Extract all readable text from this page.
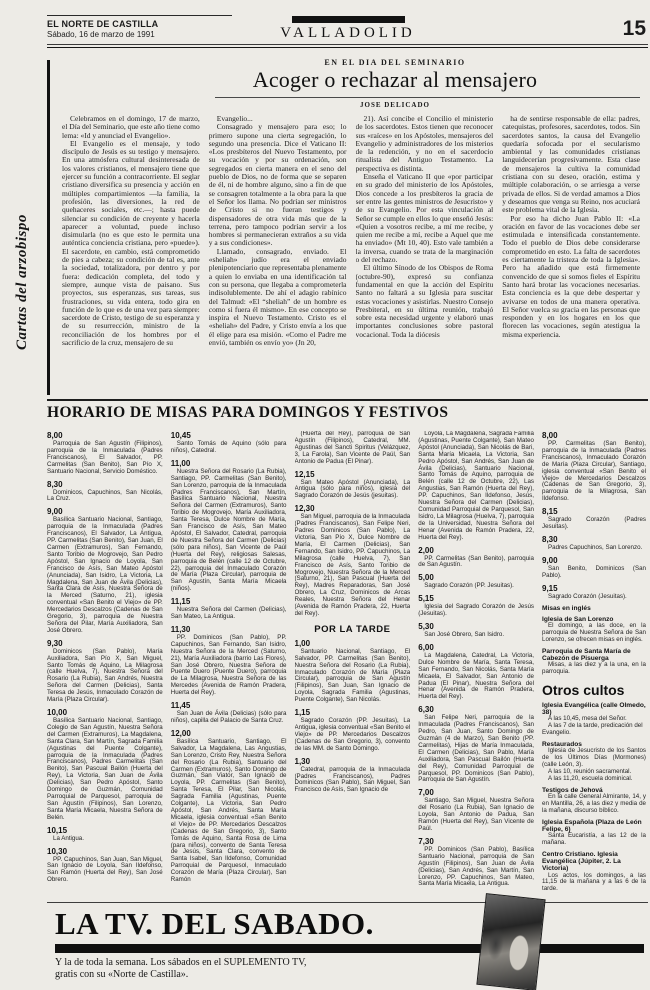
EL NORTE DE CASTILLA
Sábado, 16 de marzo de 1991	VALLADOLID	15
EN EL DIA DEL SEMINARIO
Acoger o rechazar al mensajero
JOSE DELICADO
Cartas del arzobispo

Celebramos en el domingo, 17 de marzo, el Día del Seminario, que este año tiene como lema: «Id y anunciad el Evangelio».

El Evangelio es el mensaje, y todo discípulo de Jesús es su testigo y mensajero. En una atmósfera cultural desinteresada de los valores cristianos, el mensajero tiene que ejercer su función a contracorriente. El seglar cristiano diversifica su presencia y acción en múltiples compartimientos —la familia, la profesión, las diversiones, la red de quehaceres sociales, etc.—; hasta puede silenciar su condición de creyente y hacerla aparecer a voluntad, puede incluso disimularla (no es que esto le permita una auténtica conciencia cristiana, pero «puede»). El sacerdote, en cambio, está comprometido de pies a cabeza; su condición de tal es, ante la sociedad, totalizadora, por dentro y por fuera: dedicación completa, del todo y siempre, aunque vista de paisano. Sus proyectos, sus esperanzas, sus tareas, sus frustraciones, su vida entera, todo gira en función de lo que es de una vez para siempre: sacerdote de Cristo, testigo de su esperanza y de su resurrección, ministro de la reconciliación de los hombres por el sacrificio de la cruz, mensajero de su

Evangelio...

Consagrado y mensajero para eso; lo primero supone una cierta segregación, lo segundo una presencia. Dice el Vaticano II: «Los presbíteros del Nuevo Testamento, por su vocación y por su ordenación, son segregados en cierta manera en el seno del pueblo de Dios, no de forma que se separen de él, ni de hombre alguno, sino a fin de que se consagren totalmente a la obra para la que el Señor los llama. No podrían ser ministros de Cristo si no fueran testigos y dispensadores de otra vida más que de la terrena, pero tampoco podrían servir a los hombres si permanecieran extraños a su vida y a sus condiciones».

Llamado, consagrado, enviado. El «sheliah» judío era el enviado plenipotenciario que representaba plenamente a quien lo enviaba en una identificación tal con su persona, que llegaba a comprometerla indisolublemente. De ahí el adagio rabínico del Talmud: «El “sheliah” de un hombre es como si fuera él mismo». En ese concepto se inspira el Nuevo Testamento. Cristo es el «sheliah» del Padre, y Cristo envía a los que él elige para esa misión. «Como el Padre me envió, también os envío yo» (Jn 20,

21). Así concibe el Concilio el ministerio de los sacerdotes. Estos tienen que reconocer sus «raíces» en los Apóstoles, mensajeros del Evangelio y administradores de los misterios de la redención, y no en el sacerdocio ritualista del Antiguo Testamento. La perspectiva es distinta.

Enseña el Vaticano II que «por participar en su grado del ministerio de los Apóstoles, Dios concede a los presbíteros la gracia de ser entre las gentes ministros de Jesucristo» y de su Evangelio. Por esta vinculación al Señor se cumple en ellos lo que enseñó Jesús: «Quien a vosotros recibe, a mí me recibe, y quien me recibe a mí, recibe a Aquel que me ha enviado» (Mt 10, 40). Esto vale también a la inversa, cuando se trata de la marginación o del rechazo.

El último Sínodo de los Obispos de Roma (octubre-90), expresó su confianza fundamental en que la acción del Espíritu Santo no faltará a su Iglesia para suscitar estas vocaciones y asistirlas. Nuestro Consejo Presbiteral, en su última reunión, trabajó sobre esta necesidad urgente y elaboró unas importantes conclusiones sobre pastoral vocacional. Toda la diócesis

ha de sentirse responsable de ella: padres, catequistas, profesores, sacerdotes, todos. Sin sacerdotes santos, la causa del Evangelio quedaría sofocada por el secularismo ambiental y las comunidades cristianas languidecerían progresivamente. Esta clase de mensajeros la cultiva la comunidad cristiana con su deseo, oración, estima y múltiple colaboración, o se arriesga a verse privada de ellos. Si de verdad amamos a Dios y deseamos que venga su Reino, nos acuciará este problema vital de la Iglesia.

Por eso ha dicho Juan Pablo II: «La oración en favor de las vocaciones debe ser estimulada e intensificada constantemente. Todo el pueblo de Dios debe considerarse comprometido en esto. La falta de sacerdotes es ciertamente la tristeza de toda la Iglesia». Pero ha añadido que está firmemente convencido de que si somos fieles el Espíritu Santo hará brotar las vocaciones necesarias. Esta conciencia es la que debe despertar y avivarse en todos de una manera operativa. El Señor vuelca su gracia en las personas que responden y en los hogares en los que florecen las vocaciones, según atestigua la misma experiencia.

HORARIO DE MISAS PARA DOMINGOS Y FESTIVOS
8,00
Parroquia de San Agustín (Filipinos), parroquia de la Inmaculada (Padres Franciscanos), El Salvador, PP. Carmelitas (San Benito), San Pío X, Santuario Nacional, Servicio Doméstico.
8,30
Dominicos, Capuchinos, San Nicolás, La Cruz.
9,00
Basílica Santuario Nacional, Santiago, parroquia de la Inmaculada (Padres Franciscanos), El Salvador, La Antigua, PP. Carmelitas (San Benito), San Juan, El Carmen (Extramuros), San Fernando, Santo Toribio de Mogrovejo, San Pedro Apóstol, San Ignacio de Loyola, San Francisco de Asís, San Mateo Apóstol (Anunciada), San Isidro, La Victoria, La Magdalena, San Juan de Ávila (Delicias), Santa Clara de Asís, Nuestra Señora de la Merced (Saturno, 21), iglesia conventual «San Benito el Viejo» de PP. Mercedarios Descalzos (Cadenas de San Gregorio, 3), parroquia de Nuestra Señora del Pilar, María Auxiliadora, San José Obrero.
9,30
Dominicos (San Pablo), María Auxiliadora, San Pío X, San Miguel, Santo Tomás de Aquino, La Milagrosa (calle Huelva, 7), Nuestra Señora del Rosario (La Rubia), San Andrés, Nuestra Señora del Carmen (Delicias), Santa Teresa de Jesús, Inmaculado Corazón de María (Plaza Circular).
10,00
Basílica Santuario Nacional, Santiago, Colegio de San Agustín, Nuestra Señora del Carmen (Extramuros), La Magdalena, Santa Clara, San Martín, Sagrada Familia (Agustinas del Puente Colgante), parroquia de la Inmaculada (Padres Franciscanos), Padres Carmelitas (San Benito), San Pascual Bailón (Huerta del Rey), La Victoria, San Juan de Ávila (Delicias), San Pedro Apóstol, Santo Domingo de Guzmán, Comunidad Parroquial de Parquesol, parroquia de San Agustín (Filipinos), San Lorenzo, Santa María Micaela, Nuestra Señora de Belén.
10,15
La Antigua.
10,30
PP. Capuchinos, San Juan, San Miguel, San Ignacio de Loyola, San Ildefonso, San Ramón (Huerta del Rey), San José Obrero.
10,45
Santo Tomás de Aquino (sólo para niños), Catedral.
11,00
Nuestra Señora del Rosario (La Rubia), Santiago, PP. Carmelitas (San Benito), San Lorenzo, parroquia de la Inmaculada (Padres Franciscanos), San Martín, Basílica Santuario Nacional, Nuestra Señora del Carmen (Extramuros), Santo Toribio de Mogrovejo, María Auxiliadora, Santa Teresa, Dulce Nombre de María, San Francisco de Asís, San Mateo Apóstol, El Salvador, Catedral, parroquia de Nuestra Señora del Carmen (Delicias) (sólo para niños), San Vicente de Paúl (Huerta del Rey), religiosas Salesas, parroquia de Belén (calle 12 de Octubre, 22), parroquia del Inmaculado Corazón de María (Plaza Circular), parroquia de San Agustín, Santa María Micaela (niños).
11,15
Nuestra Señora del Carmen (Delicias), San Mateo, La Antigua.
11,30
PP. Dominicos (San Pablo), PP. Capuchinos, San Fernando, San Isidro, Nuestra Señora de la Merced (Saturno, 21), María Auxiliadora (barrio Las Flores), San José Obrero, Nuestra Señora de Puente Duero (Puente Duero), parroquia de La Milagrosa, Nuestra Señora de las Mercedes (Avenida de Ramón Pradera, Huerta del Rey).
11,45
San Juan de Ávila (Delicias) (sólo para niños), capilla del Palacio de Santa Cruz.
12,00
Basílica Santuario, Santiago, El Salvador, La Magdalena, Las Angustias, San Lorenzo, Cristo Rey, Nuestra Señora del Rosario (La Rubia), Santuario del Carmen (Extramuros), Santo Domingo de Guzmán, San Viator, San Ignacio de Loyola, PP. Carmelitas (San Benito), Santa Teresa, El Pilar, San Nicolás, Sagrada Familia (Agustinas, Puente Colgante), La Victoria, San Pedro Apóstol, San Andrés, Santa María Micaela, iglesia conventual «San Benito el Viejo» de PP. Mercedarios Descalzos (Cadenas de San Gregorio, 3), Santo Tomás de Aquino, Santa Rosa de Lima (para niños), convento de Santa Teresa de Jesús, Santa Clara, convento de Santa Isabel, San Ildefonso, Comunidad Parroquial de Parquesol, Inmaculado Corazón de María (Plaza Circular), San Ramón
(Huerta del Rey), parroquia de San Agustín (Filipinos), Catedral, MM. Agustinas del Sancti Spiritus (Velázquez, 3, La Farola), San Vicente de Paúl, San Antonio de Padua (El Pinar).
12,15
San Mateo Apóstol (Anunciada), La Antigua (sólo para niños), iglesia del Sagrado Corazón de Jesús (jesuitas).
12,30
San Miguel, parroquia de la Inmaculada (Padres Franciscanos), San Felipe Neri, Padres Dominicos (San Pablo), La Victoria, San Pío X, Dulce Nombre de María, El Carmen (Delicias), San Fernando, San Isidro, PP. Capuchinos, La Milagrosa (calle Huelva, 7), San Francisco de Asís, Santo Toribio de Mogrovejo, Nuestra Señora de la Merced (Saturno, 21), San Pascual (Huerta del Rey), Madres Reparadoras, San José Obrero, La Cruz, Dominicos de Arcas Reales, Nuestra Señora del Henar (Avenida de Ramón Pradera, 22, Huerta del Rey).
POR LA TARDE
1,00
Santuario Nacional, Santiago, El Salvador, PP. Carmelitas (San Benito), Nuestra Señora del Rosario (La Rubia), Inmaculado Corazón de María (Plaza Circular), parroquia de San Agustín (Filipinos), San Juan, San Ignacio de Loyola, Sagrada Familia (Agustinas, Puente Colgante), San Nicolás.
1,15
Sagrado Corazón (PP. Jesuitas), La Antigua, iglesia conventual «San Benito el Viejo» de PP. Mercedarios Descalzos (Cadenas de San Gregorio, 3), convento de las MM. de Santo Domingo.
1,30
Catedral, parroquia de la Inmaculada (Padres Franciscanos), Padres Dominicos (San Pablo), San Miguel, San Francisco de Asís, San Ignacio de
Loyola, La Magdalena, Sagrada Familia (Agustinas, Puente Colgante), San Mateo Apóstol (Anunciada), San Nicolás de Bari, Santa María Micaela, La Victoria, San Pedro Apóstol, San Andrés, San Juan de Ávila (Delicias), Santuario Nacional, Santo Tomás de Aquino, parroquia de Belén (calle 12 de Octubre, 22), Las Angustias, San Ramón (Huerta del Rey), PP. Capuchinos, San Ildefonso, Jesús, Nuestra Señora del Carmen (Delicias), Comunidad Parroquial de Parquesol, San Isidro, La Milagrosa (Huelva, 7), parroquia de la Universidad, Nuestra Señora del Henar (Avenida de Ramón Pradera, 22, Huerta del Rey).
2,00
PP. Carmelitas (San Benito), parroquia de San Agustín.
5,00
Sagrado Corazón (PP. Jesuitas).
5,15
Iglesia del Sagrado Corazón de Jesús (Jesuitas).
5,30
San José Obrero, San Isidro.
6,00
La Magdalena, Catedral, La Victoria, Dulce Nombre de María, Santa Teresa, San Fernando, San Nicolás, Santa María Micaela, El Salvador, San Antonio de Padua (El Pinar), Nuestra Señora del Henar (Avenida de Ramón Pradera, Huerta del Rey).
6,30
San Felipe Neri, parroquia de la Inmaculada (Padres Franciscanos), San Pedro, San Juan, Santo Domingo de Guzmán (4 de Marzo), San Benito (PP. Carmelitas), Hijas de María Inmaculada, El Carmen (Delicias), San Pablo, María Auxiliadora, San Pascual Bailón (Huerta del Rey), Comunidad Parroquial de Parquesol, PP. Dominicos (San Pablo), Parroquia de San Agustín.
7,00
Santiago, San Miguel, Nuestra Señora del Rosario (La Rubia), San Ignacio de Loyola, San Antonio de Padua, San Ramón (Huerta del Rey), San Vicente de Paúl.
7,30
PP. Dominicos (San Pablo), Basílica Santuario Nacional, parroquia de San Agustín (Filipinos), San Juan de Ávila (Delicias), San Andrés, San Martín, San Lorenzo, PP. Capuchinos, San Mateo, Santa María Micaela, La Antigua.
8,00
PP. Carmelitas (San Benito), parroquia de la Inmaculada (Padres Franciscanos), Inmaculado Corazón de María (Plaza Circular), Santiago, iglesia conventual «San Benito el Viejo» de Mercedarios Descalzos (Cadenas de San Gregorio, 3), parroquia de la Milagrosa, San Ildefonso.
8,15
Sagrado Corazón (Padres Jesuitas).
8,30
Padres Capuchinos, San Lorenzo.
9,00
San Benito, Dominicos (San Pablo).
9,15
Sagrado Corazón (Jesuitas).
Misas en inglés
Iglesia de San Lorenzo
El domingo, a las doce, en la parroquia de Nuestra Señora de San Lorenzo, se ofrecen misas en inglés.
Parroquia de Santa María de Cabezón de Pisuerga
Misas, a las diez y a la una, en la parroquia.
Otros cultos
Iglesia Evangélica (calle Olmedo, 38)
A las 10,45, mesa del Señor.
A las 7 de la tarde, predicación del Evangelio.
Restaurados
Iglesia de Jesucristo de los Santos de los Últimos Días (Mormones) (calle León, 3).
A las 10, reunión sacramental.
A las 11,20, escuela dominical.
Testigos de Jehová
En la calle General Almirante, 14, y en Mantilla, 26, a las diez y media de la mañana, discurso bíblico.
Iglesia Española (Plaza de León Felipe, 6)
Santa Eucaristía, a las 12 de la mañana.
Centro Cristiano. Iglesia Evangélica (Júpiter, 2. La Victoria)
Los actos, los domingos, a las 11,15 de la mañana y a las 6 de la tarde.
LA TV. DEL SABADO.
Y la de toda la semana. Los sábados en el SUPLEMENTO TV,
gratis con su «Norte de Castilla».
